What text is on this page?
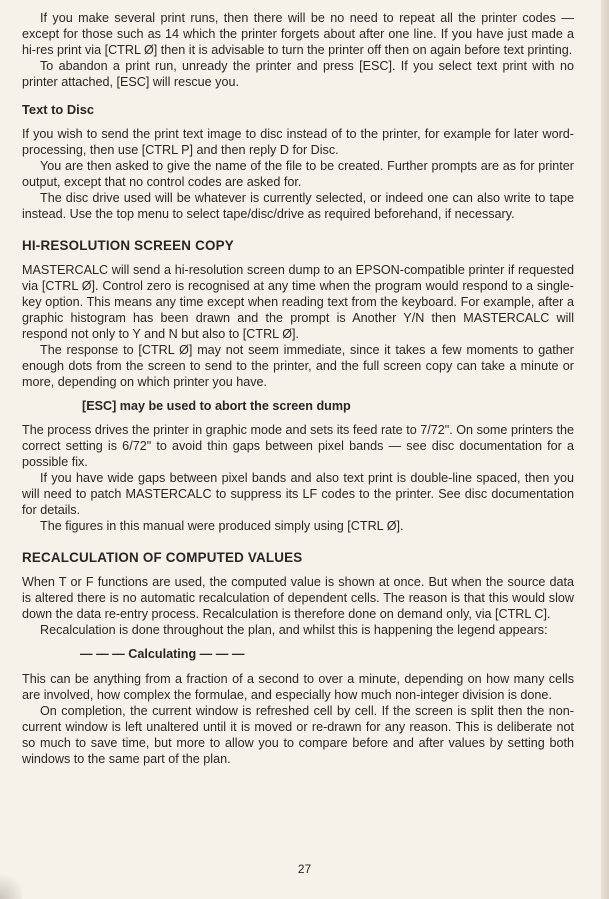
If you make several print runs, then there will be no need to repeat all the printer codes — except for those such as 14 which the printer forgets about after one line. If you have just made a hi-res print via [CTRL Ø] then it is advisable to turn the printer off then on again before text printing.

To abandon a print run, unready the printer and press [ESC]. If you select text print with no printer attached, [ESC] will rescue you.

Text to Disc

If you wish to send the print text image to disc instead of to the printer, for example for later word-processing, then use [CTRL P] and then reply D for Disc.

You are then asked to give the name of the file to be created. Further prompts are as for printer output, except that no control codes are asked for.

The disc drive used will be whatever is currently selected, or indeed one can also write to tape instead. Use the top menu to select tape/disc/drive as required beforehand, if necessary.

HI-RESOLUTION SCREEN COPY

MASTERCALC will send a hi-resolution screen dump to an EPSON-compatible printer if requested via [CTRL Ø]. Control zero is recognised at any time when the program would respond to a single-key option. This means any time except when reading text from the keyboard. For example, after a graphic histogram has been drawn and the prompt is Another Y/N then MASTERCALC will respond not only to Y and N but also to [CTRL Ø].

The response to [CTRL Ø] may not seem immediate, since it takes a few moments to gather enough dots from the screen to send to the printer, and the full screen copy can take a minute or more, depending on which printer you have.

[ESC] may be used to abort the screen dump

The process drives the printer in graphic mode and sets its feed rate to 7/72". On some printers the correct setting is 6/72" to avoid thin gaps between pixel bands — see disc documentation for a possible fix.

If you have wide gaps between pixel bands and also text print is double-line spaced, then you will need to patch MASTERCALC to suppress its LF codes to the printer. See disc documentation for details.

The figures in this manual were produced simply using [CTRL Ø].

RECALCULATION OF COMPUTED VALUES

When T or F functions are used, the computed value is shown at once. But when the source data is altered there is no automatic recalculation of dependent cells. The reason is that this would slow down the data re-entry process. Recalculation is therefore done on demand only, via [CTRL C].

Recalculation is done throughout the plan, and whilst this is happening the legend appears:

— — — Calculating — — —

This can be anything from a fraction of a second to over a minute, depending on how many cells are involved, how complex the formulae, and especially how much non-integer division is done.

On completion, the current window is refreshed cell by cell. If the screen is split then the non-current window is left unaltered until it is moved or re-drawn for any reason. This is deliberate not so much to save time, but more to allow you to compare before and after values by setting both windows to the same part of the plan.

27
